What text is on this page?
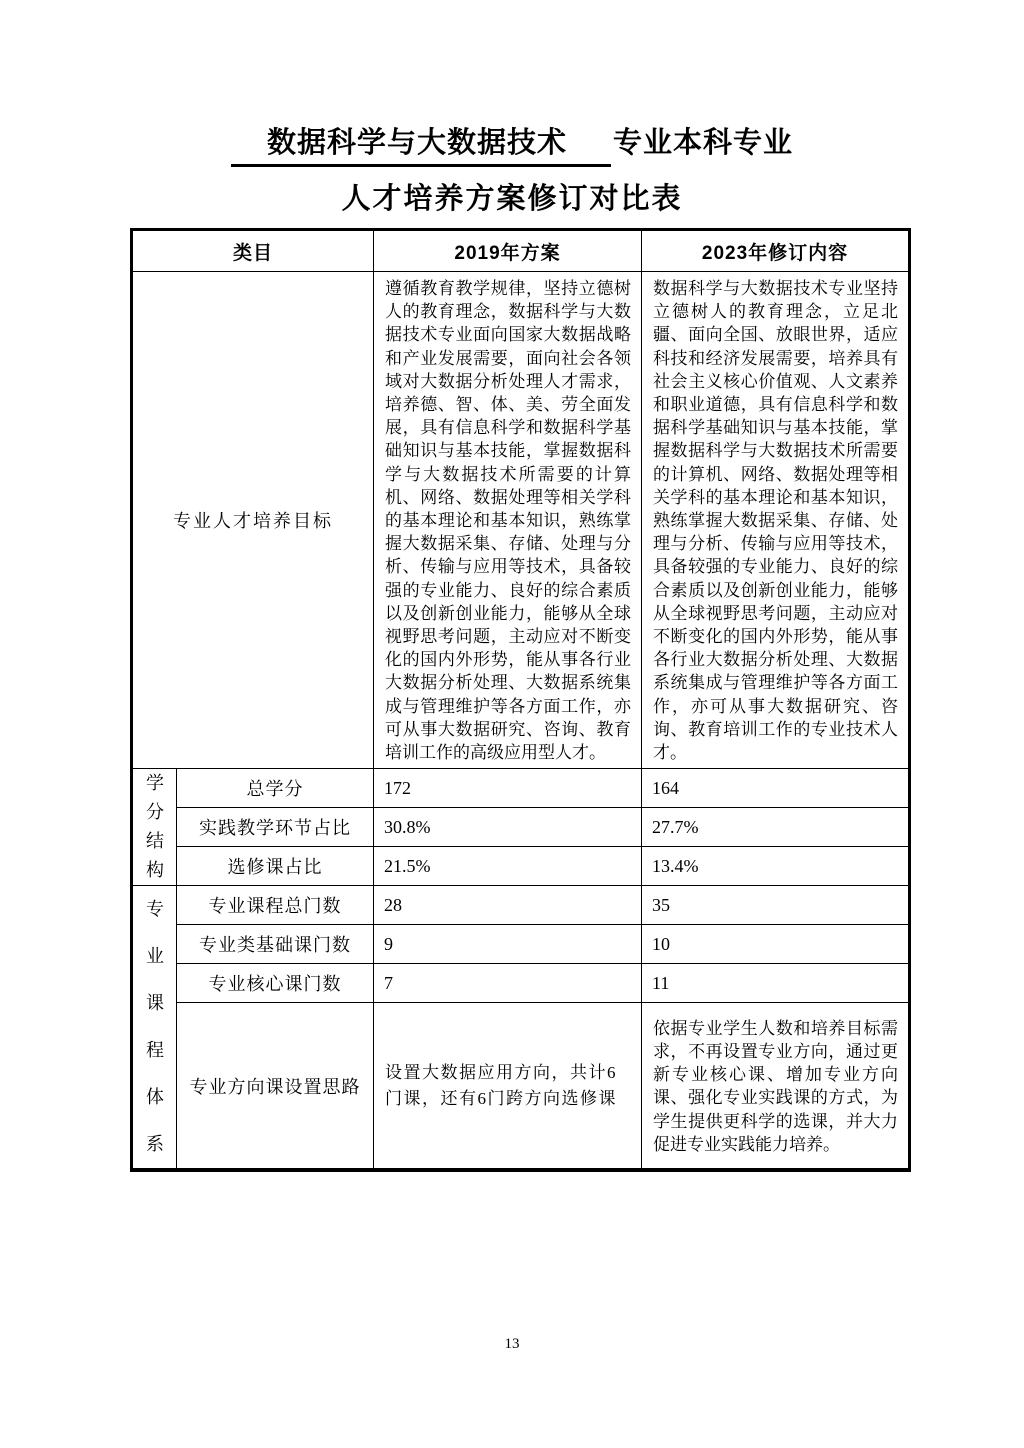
数据科学与大数据技术 专业本科专业
人才培养方案修订对比表
类目		2019年方案	2023年修订内容
专业人才培养目标	遵循教育教学规律，坚持立德树人的教育理念，数据科学与大数据技术专业面向国家大数据战略和产业发展需要，面向社会各领域对大数据分析处理人才需求，培养德、智、体、美、劳全面发展，具有信息科学和数据科学基础知识与基本技能，掌握数据科学与大数据技术所需要的计算机、网络、数据处理等相关学科的基本理论和基本知识，熟练掌握大数据采集、存储、处理与分析、传输与应用等技术，具备较强的专业能力、良好的综合素质以及创新创业能力，能够从全球视野思考问题，主动应对不断变化的国内外形势，能从事各行业大数据分析处理、大数据系统集成与管理维护等各方面工作，亦可从事大数据研究、咨询、教育培训工作的高级应用型人才。	数据科学与大数据技术专业坚持立德树人的教育理念，立足北疆、面向全国、放眼世界，适应科技和经济发展需要，培养具有社会主义核心价值观、人文素养和职业道德，具有信息科学和数据科学基础知识与基本技能，掌握数据科学与大数据技术所需要的计算机、网络、数据处理等相关学科的基本理论和基本知识，熟练掌握大数据采集、存储、处理与分析、传输与应用等技术，具备较强的专业能力、良好的综合素质以及创新创业能力，能够从全球视野思考问题，主动应对不断变化的国内外形势，能从事各行业大数据分析处理、大数据系统集成与管理维护等各方面工作，亦可从事大数据研究、咨询、教育培训工作的专业技术人才。
学分结构	总学分	172	164
	实践教学环节占比	30.8%	27.7%
	选修课占比	21.5%	13.4%
专业课程体系	专业课程总门数	28	35
	专业类基础课门数	9	10
	专业核心课门数	7	11
	专业方向课设置思路	设置大数据应用方向，共计6门课，还有6门跨方向选修课	依据专业学生人数和培养目标需求，不再设置专业方向，通过更新专业核心课、增加专业方向课、强化专业实践课的方式，为学生提供更科学的选课，并大力促进专业实践能力培养。
13
